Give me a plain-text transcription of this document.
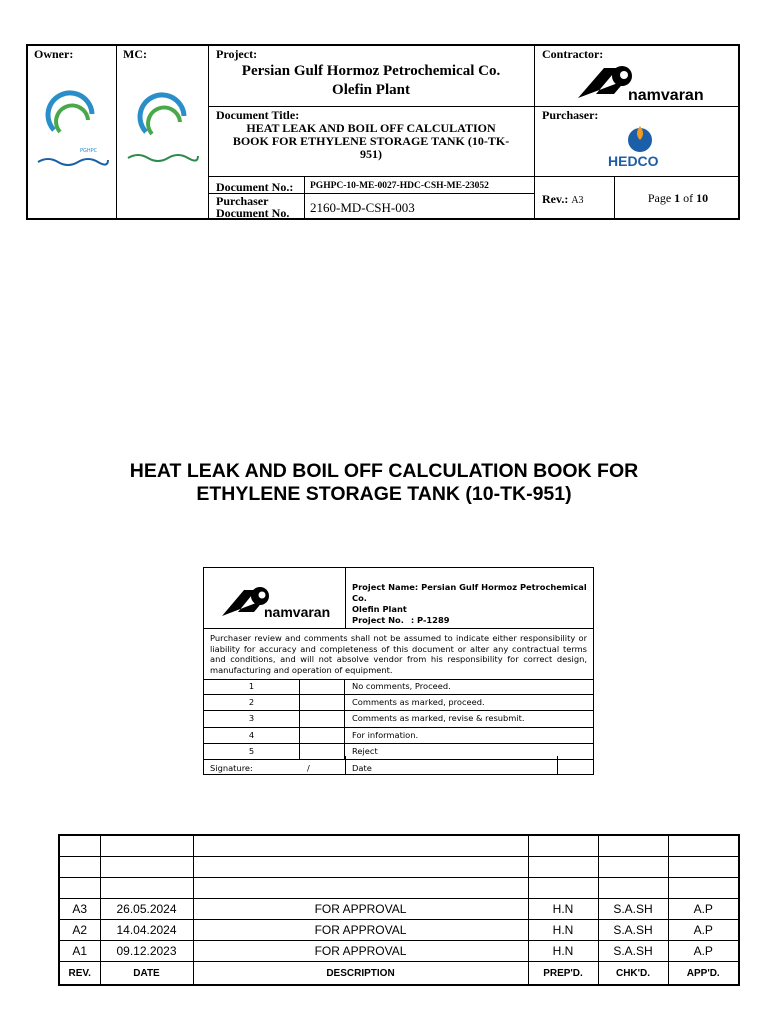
Owner:
PGHPC
MC:	Project:
Persian Gulf Hormoz Petrochemical Co.
Olefin Plant
Contractor:
namvaran
Document Title:
HEAT LEAK AND BOIL OFF CALCULATION
BOOK FOR ETHYLENE STORAGE TANK (10-TK-
951)
Purchaser:
HEDCO
Document No.: PGHPC-10-ME-0027-HDC-CSH-ME-23052
Purchaser
Document No. 2160-MD-CSH-003
Rev.: A3	Page 1 of 10
HEAT LEAK AND BOIL OFF CALCULATION BOOK FOR
ETHYLENE STORAGE TANK (10-TK-951)
namvaran
Project Name: Persian Gulf Hormoz Petrochemical Co.
Olefin Plant
Project No. : P-1289
Purchaser review and comments shall not be assumed to indicate either responsibility or liability for accuracy and completeness of this document or alter any contractual terms and conditions, and will not absolve vendor from his responsibility for correct design, manufacturing and operation of equipment.
1	No comments, Proceed.
2	Comments as marked, proceed.
3	Comments as marked, revise & resubmit.
4	For information.
5	Reject
Signature:	/	Date

A3	26.05.2024	FOR APPROVAL	H.N	S.A.SH	A.P
A2	14.04.2024	FOR APPROVAL	H.N	S.A.SH	A.P
A1	09.12.2023	FOR APPROVAL	H.N	S.A.SH	A.P
REV.	DATE	DESCRIPTION	PREP'D.	CHK'D.	APP'D.
